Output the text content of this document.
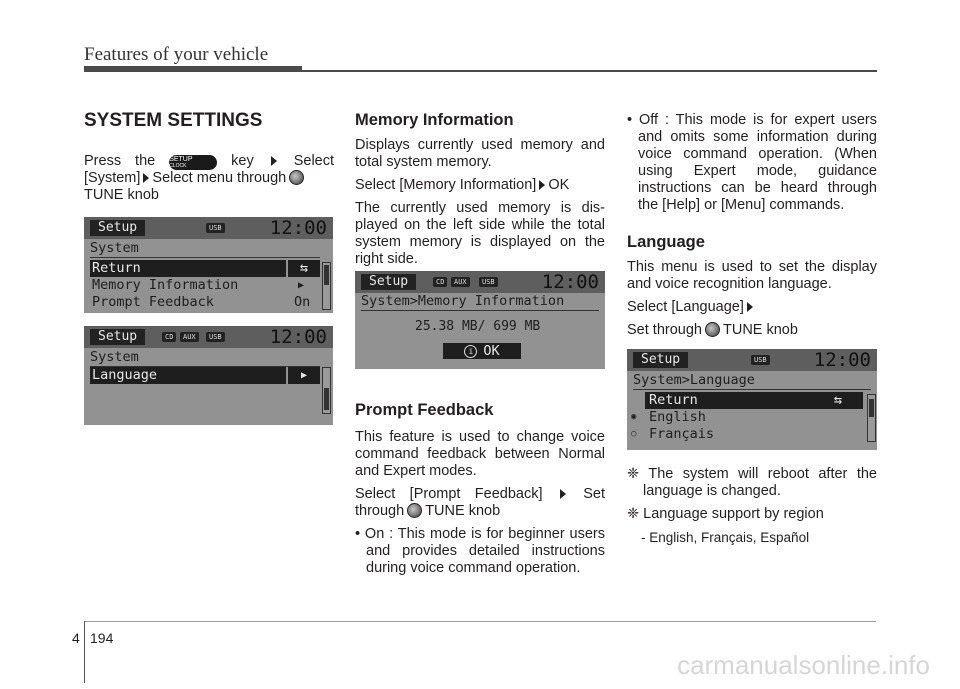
Features of your vehicle

SYSTEM SETTINGS

Press the SETUP
CLOCK	key	Select

[System] Select menu through

TUNE knob

Setup	USB	12:00
System
Return	⇆
Memory Information	▶
Prompt Feedback	On
Setup	CD	AUX	USB	12:00
System
Language	▶

Memory Information

Displays currently used memory and total system memory.

Select [Memory Information] OK

The currently used memory is dis-played on the left side while the total system memory is displayed on the right side.

Setup	CD	AUX	USB 12:00
System>Memory Information
25.38 MB/ 699 MB
i OK

Prompt Feedback

This feature is used to change voice command feedback between Normal and Expert modes.

Select [Prompt Feedback]	Set

through TUNE knob

• On : This mode is for beginner users and provides detailed instructions during voice command operation.

• Off : This mode is for expert users and omits some information during voice command operation. (When using Expert mode, guidance instructions can be heard through the [Help] or [Menu] commands.

Language

This menu is used to set the display and voice recognition language.

Select [Language]

Set through TUNE knob

Setup	USB 12:00
System>Language
Return	⇆
◉ English
○ Français

❈ The system will reboot after the language is changed.

❈ Language support by region

- English, Français, Español

4 194
carmanualsonline.info
